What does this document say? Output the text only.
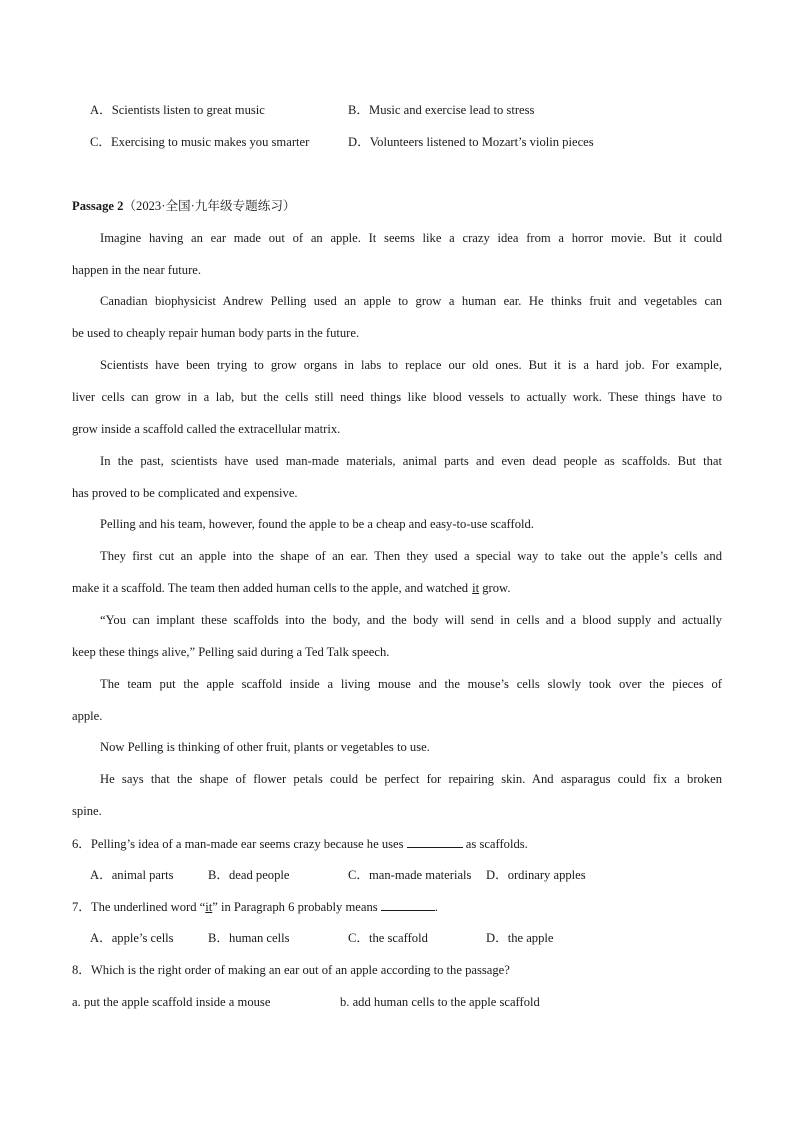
A．Scientists listen to great music	B．Music and exercise lead to stress
C．Exercising to music makes you smarter	D．Volunteers listened to Mozart’s violin pieces
Passage 2（2023·全国·九年级专题练习）
Imagine having an ear made out of an apple. It seems like a crazy idea from a horror movie. But it could
happen in the near future.
Canadian biophysicist Andrew Pelling used an apple to grow a human ear. He thinks fruit and vegetables can
be used to cheaply repair human body parts in the future.
Scientists have been trying to grow organs in labs to replace our old ones. But it is a hard job. For example,
liver cells can grow in a lab, but the cells still need things like blood vessels to actually work. These things have to
grow inside a scaffold called the extracellular matrix.
In the past, scientists have used man-made materials, animal parts and even dead people as scaffolds. But that
has proved to be complicated and expensive.
Pelling and his team, however, found the apple to be a cheap and easy-to-use scaffold.
They first cut an apple into the shape of an ear. Then they used a special way to take out the apple’s cells and
make it a scaffold. The team then added human cells to the apple, and watched it grow.
“You can implant these scaffolds into the body, and the body will send in cells and a blood supply and actually
keep these things alive,” Pelling said during a Ted Talk speech.
The team put the apple scaffold inside a living mouse and the mouse’s cells slowly took over the pieces of
apple.
Now Pelling is thinking of other fruit, plants or vegetables to use.
He says that the shape of flower petals could be perfect for repairing skin. And asparagus could fix a broken
spine.
6．Pelling’s idea of a man-made ear seems crazy because he uses	as scaffolds.
A．animal parts	B．dead people	C．man-made materials D．ordinary apples
7．The underlined word “it” in Paragraph 6 probably means	.
A．apple’s cells	B．human cells	C．the scaffold	D．the apple
8．Which is the right order of making an ear out of an apple according to the passage?
a. put the apple scaffold inside a mouse	b. add human cells to the apple scaffold
